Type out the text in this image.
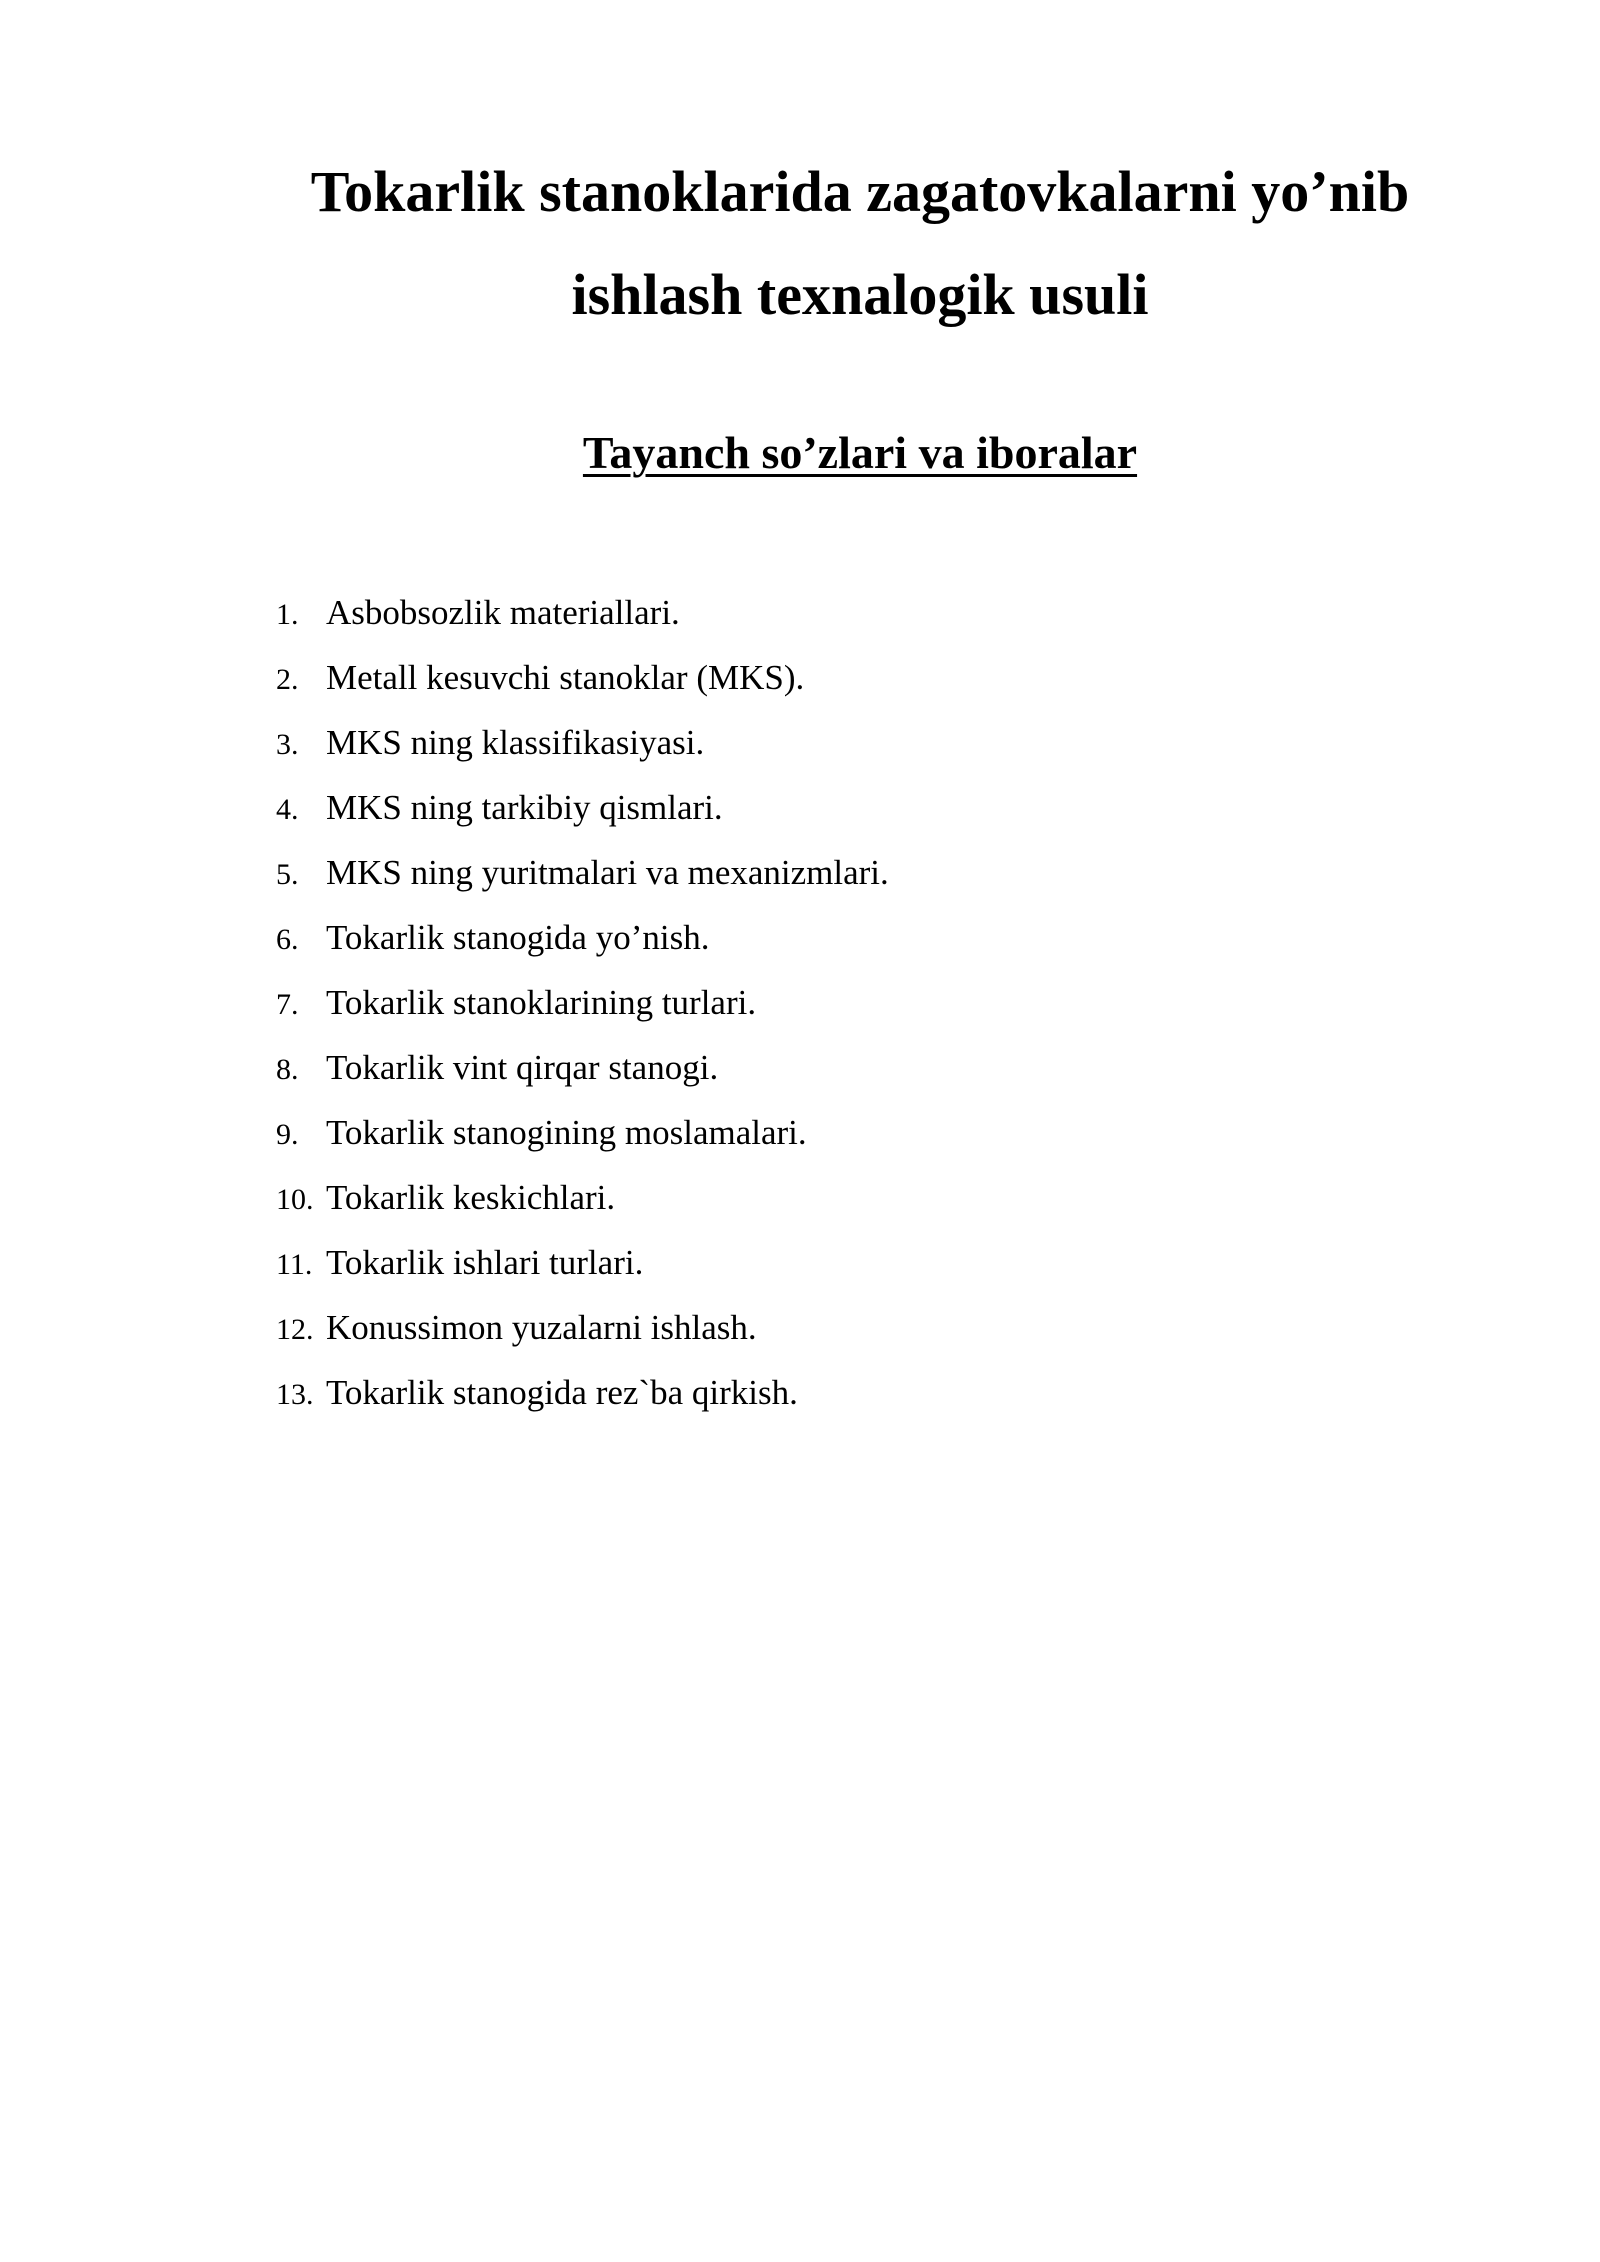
Tokarlik stanoklarida zagatovkalarni yo’nib
ishlash texnalogik usuli
Tayanch so’zlari va iboralar
1. Asbobsozlik materiallari.
2. Metall kesuvchi stanoklar (MKS).
3. MKS ning klassifikasiyasi.
4. MKS ning tarkibiy qismlari.
5. MKS ning yuritmalari va mexanizmlari.
6. Tokarlik stanogida yo’nish.
7. Tokarlik stanoklarining turlari.
8. Tokarlik vint qirqar stanogi.
9. Tokarlik stanogining moslamalari.
10. Tokarlik keskichlari.
11. Tokarlik ishlari turlari.
12. Konussimon yuzalarni ishlash.
13. Tokarlik stanogida rez`ba qirkish.
